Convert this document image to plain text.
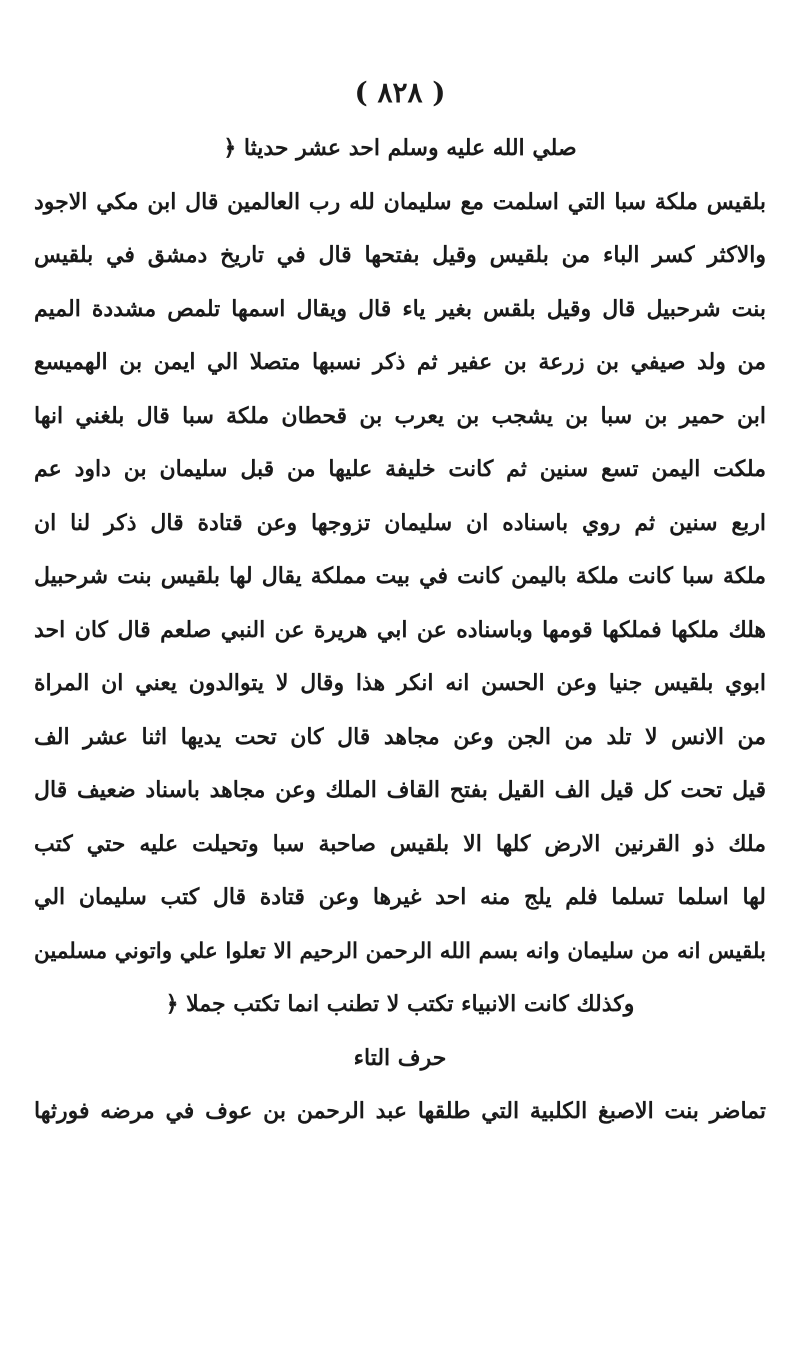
( ٨٢٨ )
صلي الله عليه وسلم احد عشر حديثا ﴿
بلقيس ملكة سبا التي اسلمت مع سليمان لله رب العالمين قال ابن مكي الاجود
والاكثر كسر الباء من بلقيس وقيل بفتحها قال في تاريخ دمشق في بلقيس
بنت شرحبيل قال وقيل بلقس بغير ياء قال ويقال اسمها تلمص مشددة الميم
من ولد صيفي بن زرعة بن عفير ثم ذكر نسبها متصلا الي ايمن بن الهميسع
ابن حمير بن سبا بن يشجب بن يعرب بن قحطان ملكة سبا قال بلغني انها
ملكت اليمن تسع سنين ثم كانت خليفة عليها من قبل سليمان بن داود عم
اربع سنين ثم روي باسناده ان سليمان تزوجها وعن قتادة قال ذكر لنا ان
ملكة سبا كانت ملكة باليمن كانت في بيت مملكة يقال لها بلقيس بنت شرحبيل
هلك ملكها فملكها قومها وباسناده عن ابي هريرة عن النبي صلعم قال كان احد
ابوي بلقيس جنيا وعن الحسن انه انكر هذا وقال لا يتوالدون يعني ان المراة
من الانس لا تلد من الجن وعن مجاهد قال كان تحت يديها اثنا عشر الف
قيل تحت كل قيل الف القيل بفتح القاف الملك وعن مجاهد باسناد ضعيف قال
ملك ذو القرنين الارض كلها الا بلقيس صاحبة سبا وتحيلت عليه حتي كتب
لها اسلما تسلما فلم يلج منه احد غيرها وعن قتادة قال كتب سليمان الي
بلقيس انه من سليمان وانه بسم الله الرحمن الرحيم الا تعلوا علي واتوني مسلمين
وكذلك كانت الانبياء تكتب لا تطنب انما تكتب جملا ﴿
حرف التاء
تماضر بنت الاصبغ الكلبية التي طلقها عبد الرحمن بن عوف في مرضه فورثها
